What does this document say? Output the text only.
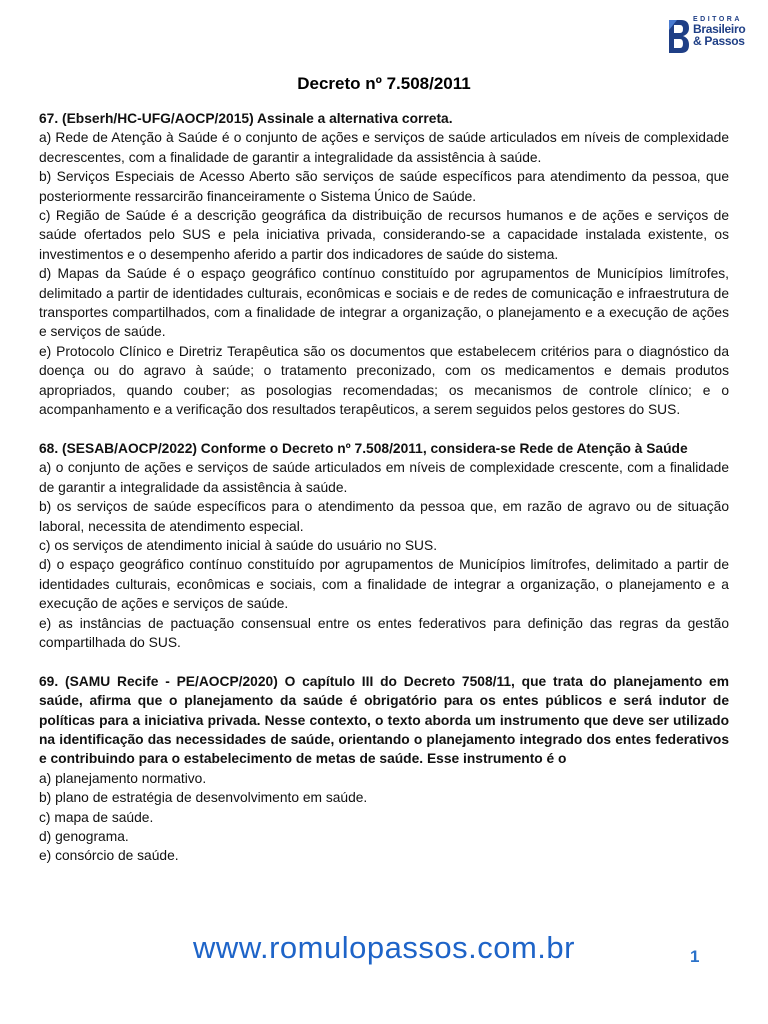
EDITORA
Brasileiro
& Passos
Decreto nº 7.508/2011
67. (Ebserh/HC-UFG/AOCP/2015) Assinale a alternativa correta.
a) Rede de Atenção à Saúde é o conjunto de ações e serviços de saúde articulados em níveis de complexidade decrescentes, com a finalidade de garantir a integralidade da assistência à saúde.
b) Serviços Especiais de Acesso Aberto são serviços de saúde específicos para atendimento da pessoa, que posteriormente ressarcirão financeiramente o Sistema Único de Saúde.
c) Região de Saúde é a descrição geográfica da distribuição de recursos humanos e de ações e serviços de saúde ofertados pelo SUS e pela iniciativa privada, considerando-se a capacidade instalada existente, os investimentos e o desempenho aferido a partir dos indicadores de saúde do sistema.
d) Mapas da Saúde é o espaço geográfico contínuo constituído por agrupamentos de Municípios limítrofes, delimitado a partir de identidades culturais, econômicas e sociais e de redes de comunicação e infraestrutura de transportes compartilhados, com a finalidade de integrar a organização, o planejamento e a execução de ações e serviços de saúde.
e) Protocolo Clínico e Diretriz Terapêutica são os documentos que estabelecem critérios para o diagnóstico da doença ou do agravo à saúde; o tratamento preconizado, com os medicamentos e demais produtos apropriados, quando couber; as posologias recomendadas; os mecanismos de controle clínico; e o acompanhamento e a verificação dos resultados terapêuticos, a serem seguidos pelos gestores do SUS.
68. (SESAB/AOCP/2022) Conforme o Decreto nº 7.508/2011, considera-se Rede de Atenção à Saúde
a) o conjunto de ações e serviços de saúde articulados em níveis de complexidade crescente, com a finalidade de garantir a integralidade da assistência à saúde.
b) os serviços de saúde específicos para o atendimento da pessoa que, em razão de agravo ou de situação laboral, necessita de atendimento especial.
c) os serviços de atendimento inicial à saúde do usuário no SUS.
d) o espaço geográfico contínuo constituído por agrupamentos de Municípios limítrofes, delimitado a partir de identidades culturais, econômicas e sociais, com a finalidade de integrar a organização, o planejamento e a execução de ações e serviços de saúde.
e) as instâncias de pactuação consensual entre os entes federativos para definição das regras da gestão compartilhada do SUS.
69. (SAMU Recife - PE/AOCP/2020) O capítulo III do Decreto 7508/11, que trata do planejamento em saúde, afirma que o planejamento da saúde é obrigatório para os entes públicos e será indutor de políticas para a iniciativa privada. Nesse contexto, o texto aborda um instrumento que deve ser utilizado na identificação das necessidades de saúde, orientando o planejamento integrado dos entes federativos e contribuindo para o estabelecimento de metas de saúde. Esse instrumento é o
a) planejamento normativo.
b) plano de estratégia de desenvolvimento em saúde.
c) mapa de saúde.
d) genograma.
e) consórcio de saúde.
www.romulopassos.com.br	1
